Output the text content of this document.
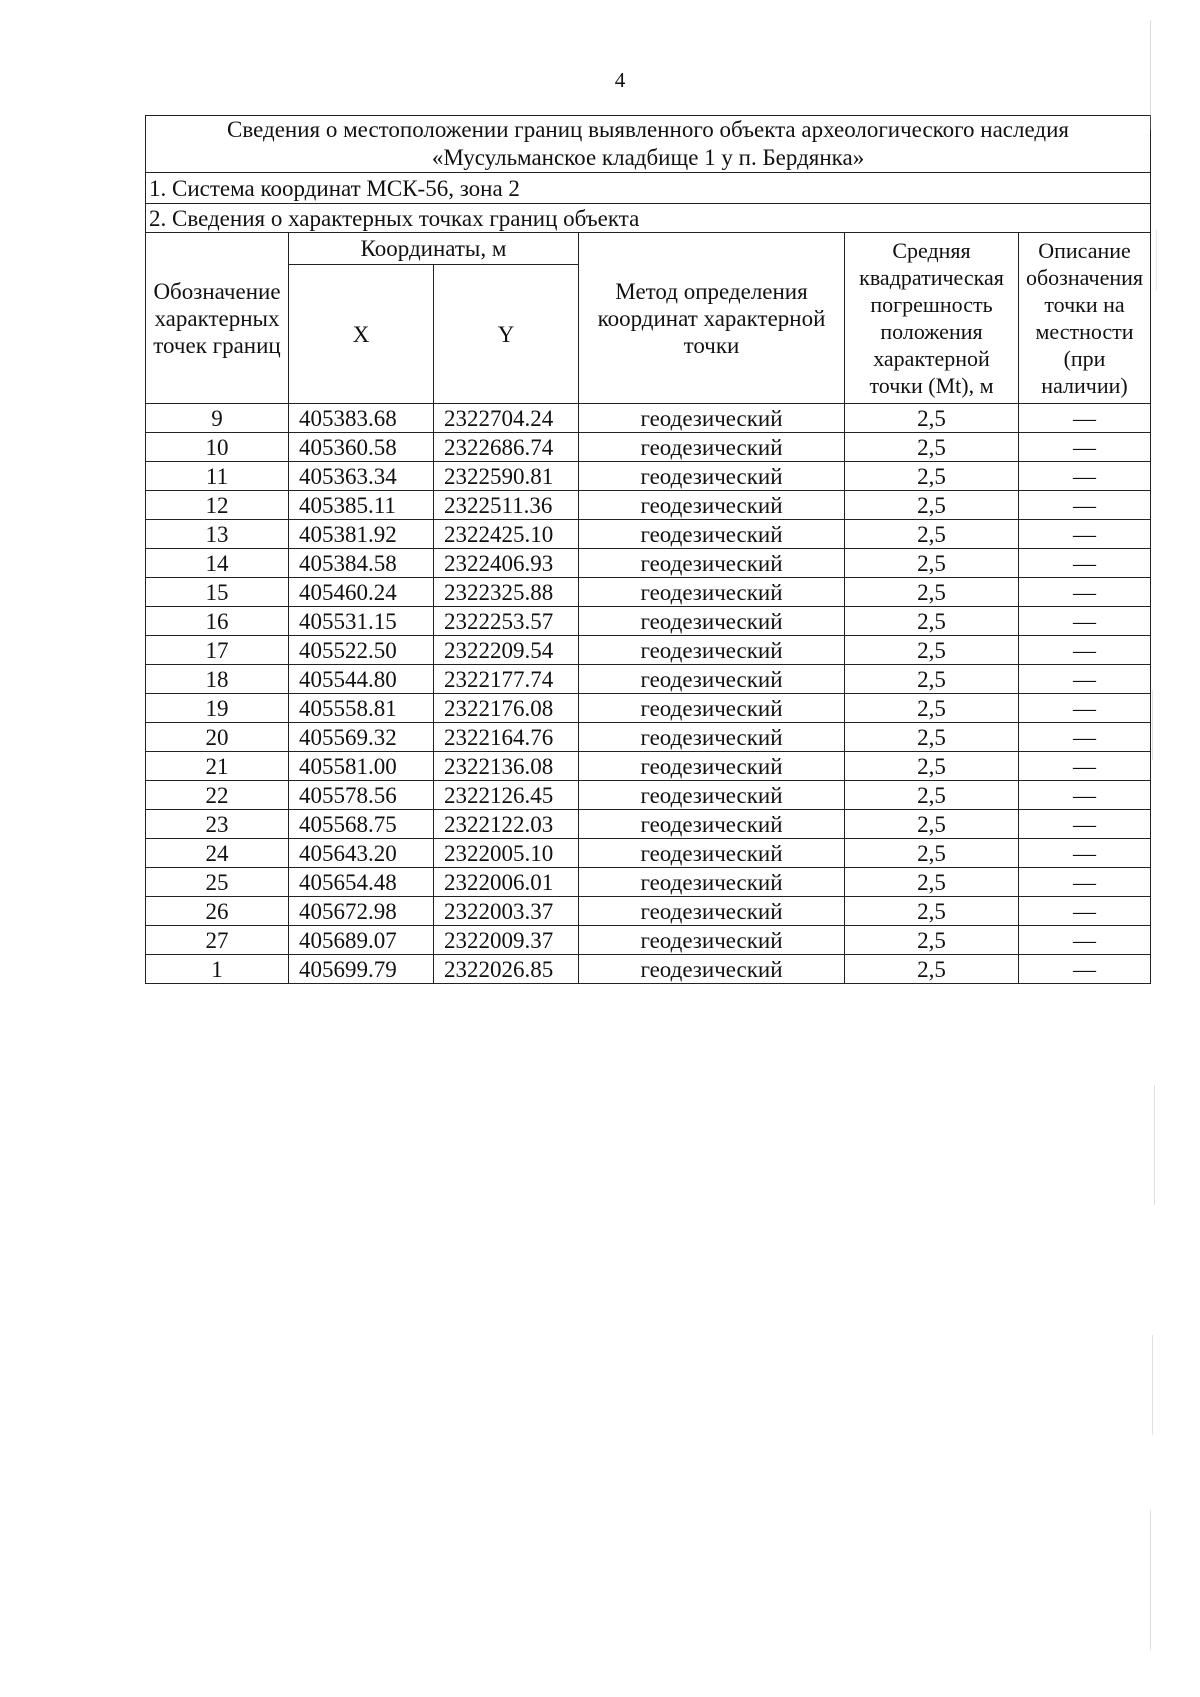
4
Сведения о местоположении границ выявленного объекта археологического наследия
«Мусульманское кладбище 1 у п. Бердянка»					

1. Система координат МСК-56, зона 2					
2. Сведения о характерных точках границ объекта					
Обозначение характерных точек границ	Координаты, м		Метод определения координат характерной точки	Средняя квадратическая погрешность положения характерной точки (Mt), м	Описание обозначения точки на местности (при наличии)
	X	Y			
9	405383.68	2322704.24	геодезический	2,5	—
10	405360.58	2322686.74	геодезический	2,5	—
11	405363.34	2322590.81	геодезический	2,5	—
12	405385.11	2322511.36	геодезический	2,5	—
13	405381.92	2322425.10	геодезический	2,5	—
14	405384.58	2322406.93	геодезический	2,5	—
15	405460.24	2322325.88	геодезический	2,5	—
16	405531.15	2322253.57	геодезический	2,5	—
17	405522.50	2322209.54	геодезический	2,5	—
18	405544.80	2322177.74	геодезический	2,5	—
19	405558.81	2322176.08	геодезический	2,5	—
20	405569.32	2322164.76	геодезический	2,5	—
21	405581.00	2322136.08	геодезический	2,5	—
22	405578.56	2322126.45	геодезический	2,5	—
23	405568.75	2322122.03	геодезический	2,5	—
24	405643.20	2322005.10	геодезический	2,5	—
25	405654.48	2322006.01	геодезический	2,5	—
26	405672.98	2322003.37	геодезический	2,5	—
27	405689.07	2322009.37	геодезический	2,5	—
1	405699.79	2322026.85	геодезический	2,5	—
